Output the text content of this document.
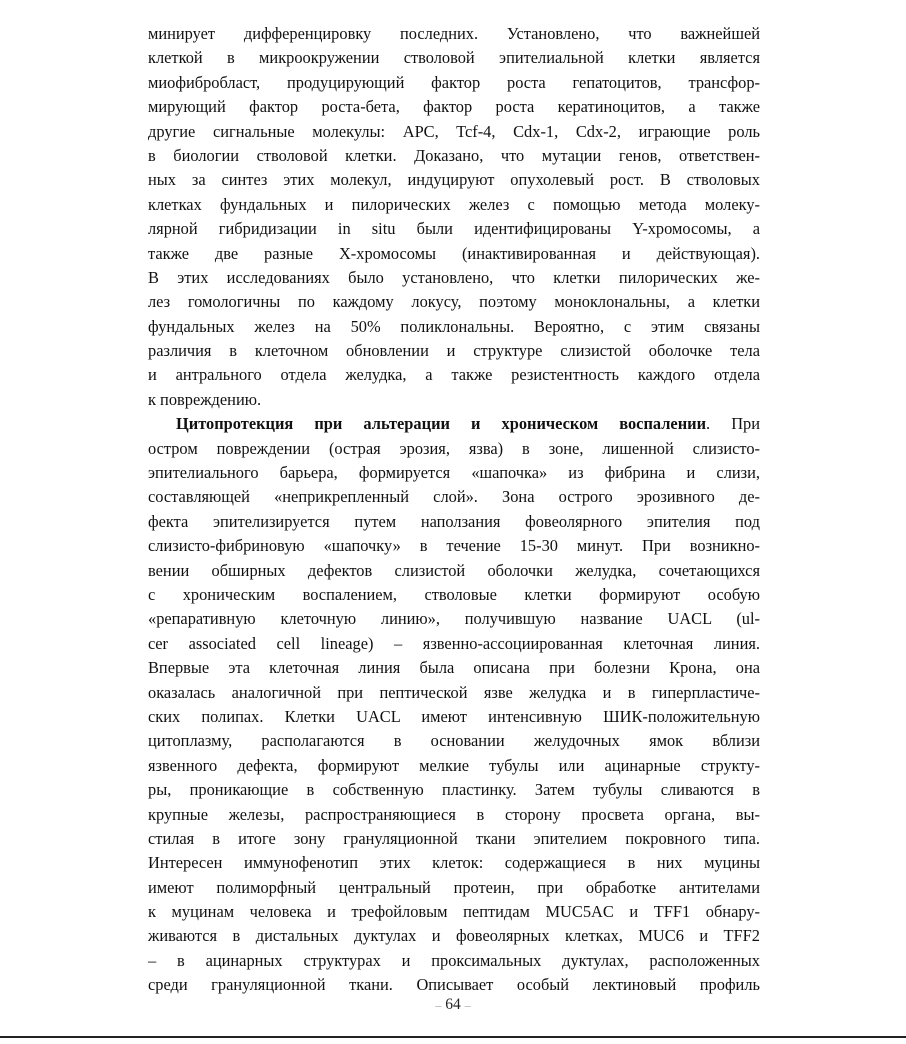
минирует дифференцировку последних. Установлено, что важнейшей
клеткой в микроокружении стволовой эпителиальной клетки является
миофибробласт, продуцирующий фактор роста гепатоцитов, трансфор-
мирующий фактор роста-бета, фактор роста кератиноцитов, а также
другие сигнальные молекулы: APC, Tcf-4, Cdx-1, Cdx-2, играющие роль
в биологии стволовой клетки. Доказано, что мутации генов, ответствен-
ных за синтез этих молекул, индуцируют опухолевый рост. В стволовых
клетках фундальных и пилорических желез с помощью метода молеку-
лярной гибридизации in situ были идентифицированы Y-хромосомы, а
также две разные Х-хромосомы (инактивированная и действующая).
В этих исследованиях было установлено, что клетки пилорических же-
лез гомологичны по каждому локусу, поэтому моноклональны, а клетки
фундальных желез на 50% поликлональны. Вероятно, с этим связаны
различия в клеточном обновлении и структуре слизистой оболочке тела
и антрального отдела желудка, а также резистентность каждого отдела
к повреждению.
Цитопротекция при альтерации и хроническом воспалении. При
остром повреждении (острая эрозия, язва) в зоне, лишенной слизисто-
эпителиального барьера, формируется «шапочка» из фибрина и слизи,
составляющей «неприкрепленный слой». Зона острого эрозивного де-
фекта эпителизируется путем наползания фовеолярного эпителия под
слизисто-фибриновую «шапочку» в течение 15-30 минут. При возникно-
вении обширных дефектов слизистой оболочки желудка, сочетающихся
с хроническим воспалением, стволовые клетки формируют особую
«репаративную клеточную линию», получившую название UACL (ul-
cer associated cell lineage) – язвенно-ассоциированная клеточная линия.
Впервые эта клеточная линия была описана при болезни Крона, она
оказалась аналогичной при пептической язве желудка и в гиперпластиче-
ских полипах. Клетки UACL имеют интенсивную ШИК-положительную
цитоплазму, располагаются в основании желудочных ямок вблизи
язвенного дефекта, формируют мелкие тубулы или ацинарные структу-
ры, проникающие в собственную пластинку. Затем тубулы сливаются в
крупные железы, распространяющиеся в сторону просвета органа, вы-
стилая в итоге зону грануляционной ткани эпителием покровного типа.
Интересен иммунофенотип этих клеток: содержащиеся в них муцины
имеют полиморфный центральный протеин, при обработке антителами
к муцинам человека и трефойловым пептидам MUC5AC и TFF1 обнару-
живаются в дистальных дуктулах и фовеолярных клетках, MUC6 и TFF2
– в ацинарных структурах и проксимальных дуктулах, расположенных
среди грануляционной ткани. Описывает особый лектиновый профиль
– 64 –
